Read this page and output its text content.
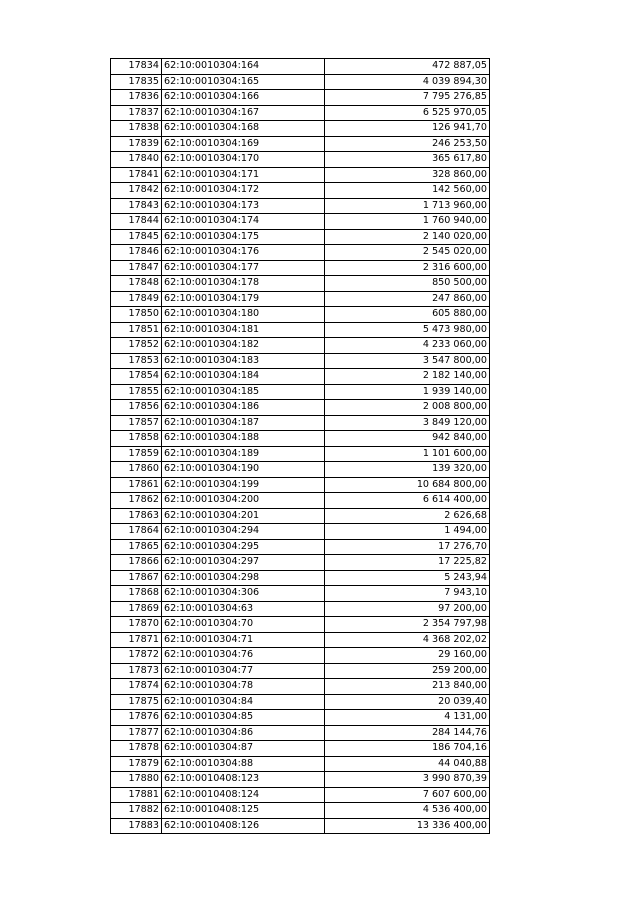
17834	62:10:0010304:164	472 887,05
17835	62:10:0010304:165	4 039 894,30
17836	62:10:0010304:166	7 795 276,85
17837	62:10:0010304:167	6 525 970,05
17838	62:10:0010304:168	126 941,70
17839	62:10:0010304:169	246 253,50
17840	62:10:0010304:170	365 617,80
17841	62:10:0010304:171	328 860,00
17842	62:10:0010304:172	142 560,00
17843	62:10:0010304:173	1 713 960,00
17844	62:10:0010304:174	1 760 940,00
17845	62:10:0010304:175	2 140 020,00
17846	62:10:0010304:176	2 545 020,00
17847	62:10:0010304:177	2 316 600,00
17848	62:10:0010304:178	850 500,00
17849	62:10:0010304:179	247 860,00
17850	62:10:0010304:180	605 880,00
17851	62:10:0010304:181	5 473 980,00
17852	62:10:0010304:182	4 233 060,00
17853	62:10:0010304:183	3 547 800,00
17854	62:10:0010304:184	2 182 140,00
17855	62:10:0010304:185	1 939 140,00
17856	62:10:0010304:186	2 008 800,00
17857	62:10:0010304:187	3 849 120,00
17858	62:10:0010304:188	942 840,00
17859	62:10:0010304:189	1 101 600,00
17860	62:10:0010304:190	139 320,00
17861	62:10:0010304:199	10 684 800,00
17862	62:10:0010304:200	6 614 400,00
17863	62:10:0010304:201	2 626,68
17864	62:10:0010304:294	1 494,00
17865	62:10:0010304:295	17 276,70
17866	62:10:0010304:297	17 225,82
17867	62:10:0010304:298	5 243,94
17868	62:10:0010304:306	7 943,10
17869	62:10:0010304:63	97 200,00
17870	62:10:0010304:70	2 354 797,98
17871	62:10:0010304:71	4 368 202,02
17872	62:10:0010304:76	29 160,00
17873	62:10:0010304:77	259 200,00
17874	62:10:0010304:78	213 840,00
17875	62:10:0010304:84	20 039,40
17876	62:10:0010304:85	4 131,00
17877	62:10:0010304:86	284 144,76
17878	62:10:0010304:87	186 704,16
17879	62:10:0010304:88	44 040,88
17880	62:10:0010408:123	3 990 870,39
17881	62:10:0010408:124	7 607 600,00
17882	62:10:0010408:125	4 536 400,00
17883	62:10:0010408:126	13 336 400,00
